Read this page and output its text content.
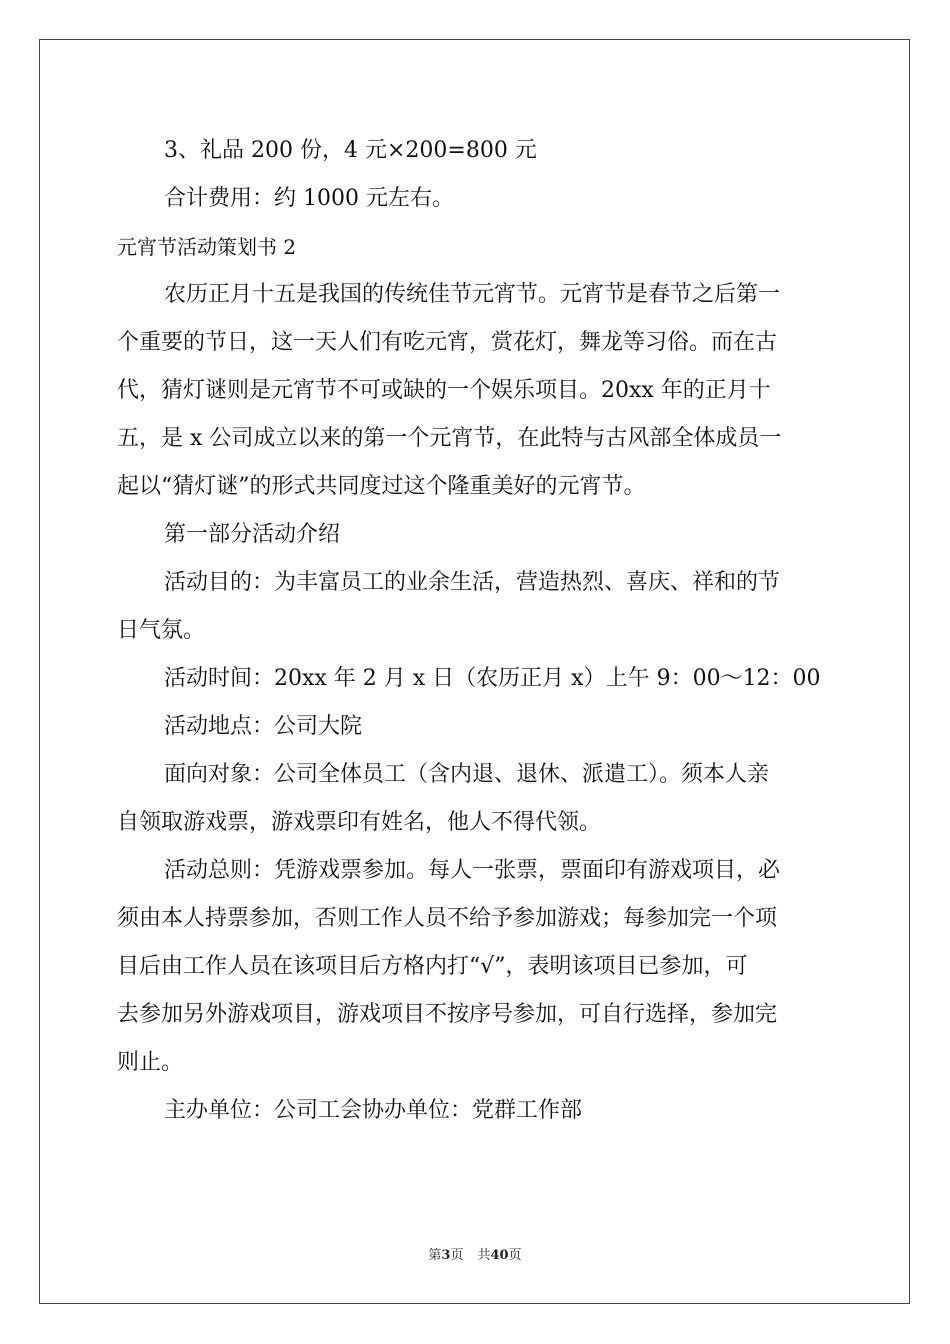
3、礼品 200 份，4 元×200=800 元
合计费用：约 1000 元左右。
元宵节活动策划书 2
农历正月十五是我国的传统佳节元宵节。元宵节是春节之后第一
个重要的节日，这一天人们有吃元宵，赏花灯，舞龙等习俗。而在古
代，猜灯谜则是元宵节不可或缺的一个娱乐项目。20xx 年的正月十
五，是 x 公司成立以来的第一个元宵节，在此特与古风部全体成员一
起以“猜灯谜”的形式共同度过这个隆重美好的元宵节。
第一部分活动介绍
活动目的：为丰富员工的业余生活，营造热烈、喜庆、祥和的节
日气氛。
活动时间：20xx 年 2 月 x 日（农历正月 x）上午 9：00～12：00
活动地点：公司大院
面向对象：公司全体员工（含内退、退休、派遣工）。须本人亲
自领取游戏票，游戏票印有姓名，他人不得代领。
活动总则：凭游戏票参加。每人一张票，票面印有游戏项目，必
须由本人持票参加，否则工作人员不给予参加游戏；每参加完一个项
目后由工作人员在该项目后方格内打“√”，表明该项目已参加，可
去参加另外游戏项目，游戏项目不按序号参加，可自行选择，参加完
则止。
主办单位：公司工会协办单位：党群工作部
第3页 共40页
